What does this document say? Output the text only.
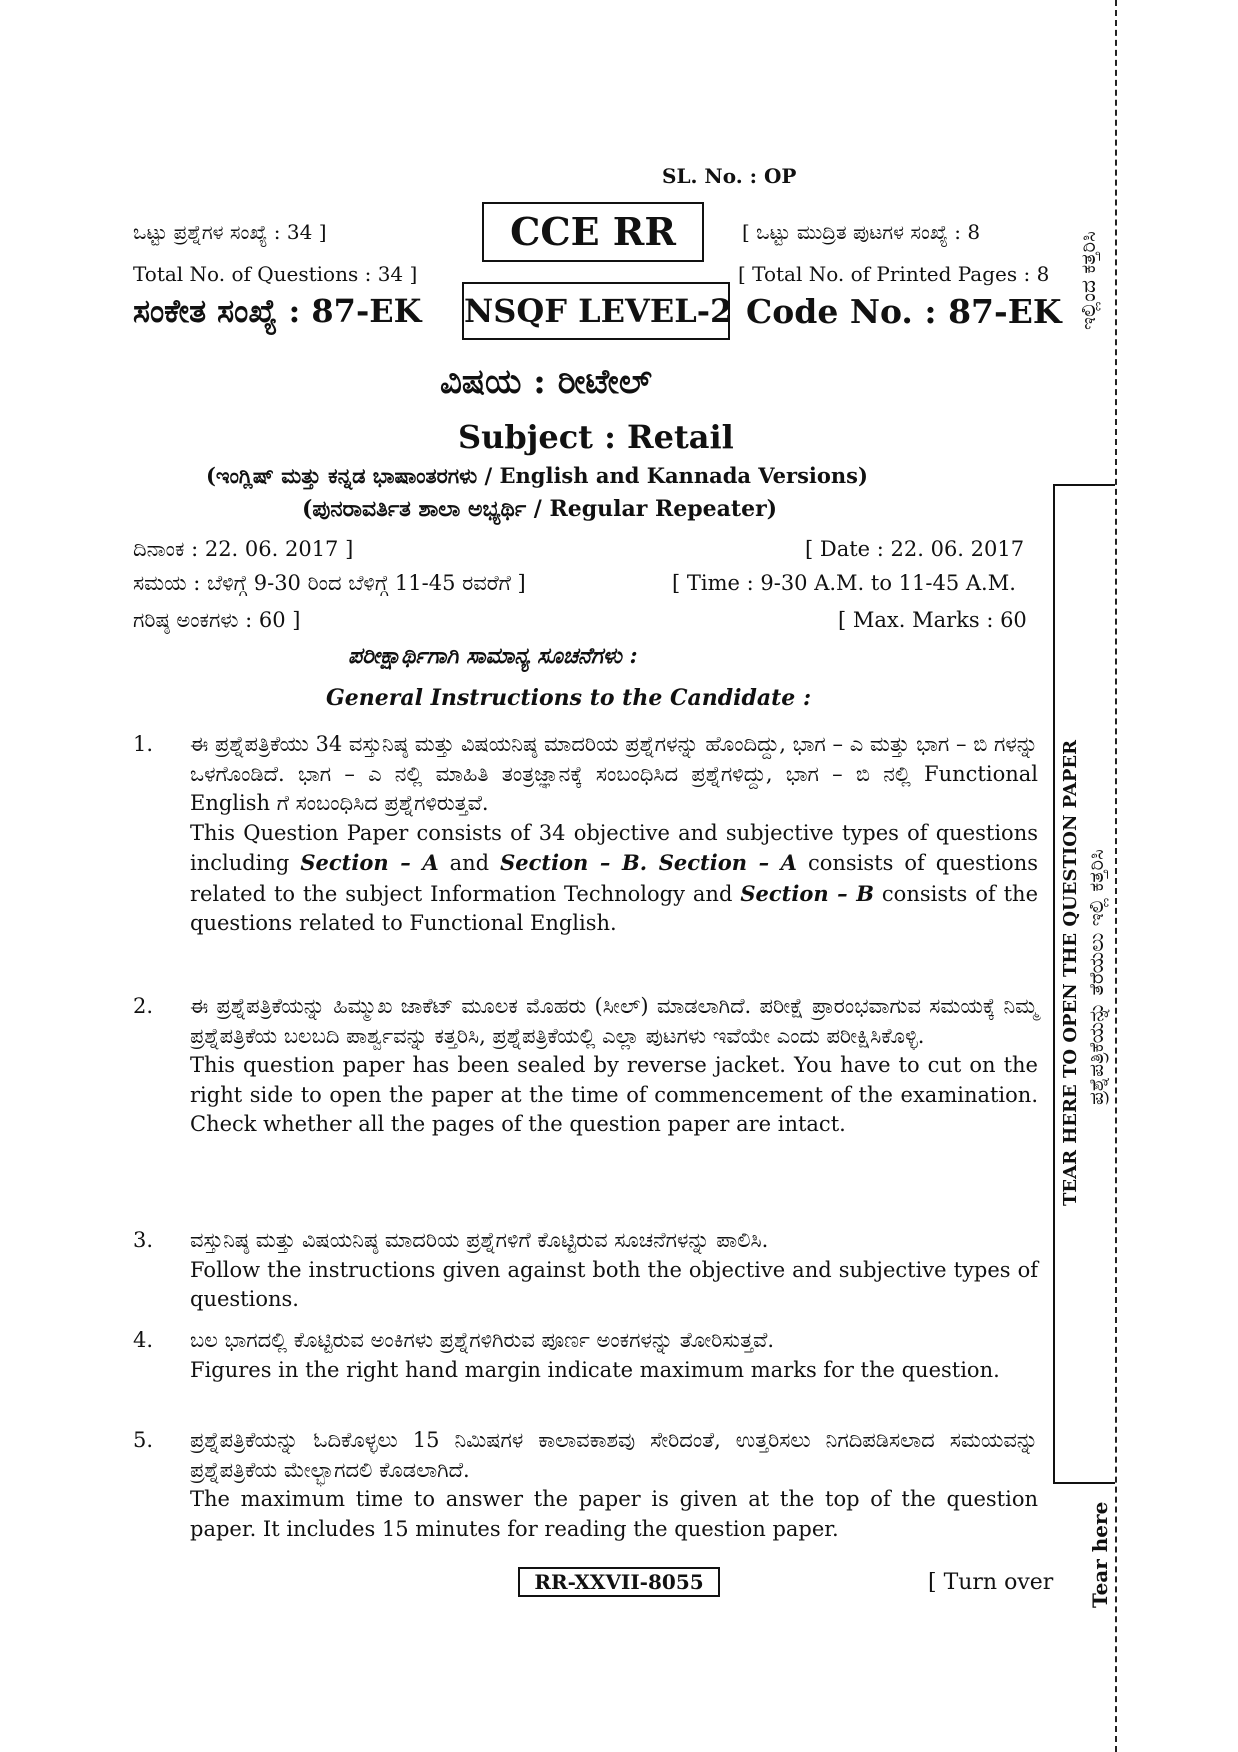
SL. No. : OP
ಒಟ್ಟು ಪ್ರಶ್ನೆಗಳ ಸಂಖ್ಯೆ : 34 ]
Total No. of Questions : 34 ]
ಸಂಕೇತ ಸಂಖ್ಯೆ : 87-EK
CCE RR
NSQF LEVEL-2
[ ಒಟ್ಟು ಮುದ್ರಿತ ಪುಟಗಳ ಸಂಖ್ಯೆ : 8
[ Total No. of Printed Pages : 8
Code No. : 87-EK
ವಿಷಯ : ರೀಟೇಲ್
Subject : Retail
(ಇಂಗ್ಲಿಷ್ ಮತ್ತು ಕನ್ನಡ ಭಾಷಾಂತರಗಳು / English and Kannada Versions)
(ಪುನರಾವರ್ತಿತ ಶಾಲಾ ಅಭ್ಯರ್ಥಿ / Regular Repeater)
ದಿನಾಂಕ : 22. 06. 2017 ]	[ Date : 22. 06. 2017
ಸಮಯ : ಬೆಳಿಗ್ಗೆ 9-30 ರಿಂದ ಬೆಳಿಗ್ಗೆ 11-45 ರವರೆಗೆ ]	[ Time : 9-30 A.M. to 11-45 A.M.
ಗರಿಷ್ಠ ಅಂಕಗಳು : 60 ]	[ Max. Marks : 60
ಪರೀಕ್ಷಾರ್ಥಿಗಾಗಿ ಸಾಮಾನ್ಯ ಸೂಚನೆಗಳು :
General Instructions to the Candidate :
1. ಈ ಪ್ರಶ್ನೆಪತ್ರಿಕೆಯು 34 ವಸ್ತುನಿಷ್ಠ ಮತ್ತು ವಿಷಯನಿಷ್ಠ ಮಾದರಿಯ ಪ್ರಶ್ನೆಗಳನ್ನು ಹೊಂದಿದ್ದು, ಭಾಗ – ಎ ಮತ್ತು ಭಾಗ – ಬಿ ಗಳನ್ನು ಒಳಗೊಂಡಿದೆ. ಭಾಗ – ಎ ನಲ್ಲಿ ಮಾಹಿತಿ ತಂತ್ರಜ್ಞಾನಕ್ಕೆ ಸಂಬಂಧಿಸಿದ ಪ್ರಶ್ನೆಗಳಿದ್ದು, ಭಾಗ – ಬಿ ನಲ್ಲಿ Functional English ಗೆ ಸಂಬಂಧಿಸಿದ ಪ್ರಶ್ನೆಗಳಿರುತ್ತವೆ.

This Question Paper consists of 34 objective and subjective types of questions including Section – A and Section – B. Section – A consists of questions related to the subject Information Technology and Section – B consists of the questions related to Functional English.

2. ಈ ಪ್ರಶ್ನೆಪತ್ರಿಕೆಯನ್ನು ಹಿಮ್ಮುಖ ಜಾಕೆಟ್ ಮೂಲಕ ಮೊಹರು (ಸೀಲ್) ಮಾಡಲಾಗಿದೆ. ಪರೀಕ್ಷೆ ಪ್ರಾರಂಭವಾಗುವ ಸಮಯಕ್ಕೆ ನಿಮ್ಮ ಪ್ರಶ್ನೆಪತ್ರಿಕೆಯ ಬಲಬದಿ ಪಾರ್ಶ್ವವನ್ನು ಕತ್ತರಿಸಿ, ಪ್ರಶ್ನೆಪತ್ರಿಕೆಯಲ್ಲಿ ಎಲ್ಲಾ ಪುಟಗಳು ಇವೆಯೇ ಎಂದು ಪರೀಕ್ಷಿಸಿಕೊಳ್ಳಿ.

This question paper has been sealed by reverse jacket. You have to cut on the right side to open the paper at the time of commencement of the examination. Check whether all the pages of the question paper are intact.

3. ವಸ್ತುನಿಷ್ಠ ಮತ್ತು ವಿಷಯನಿಷ್ಠ ಮಾದರಿಯ ಪ್ರಶ್ನೆಗಳಿಗೆ ಕೊಟ್ಟಿರುವ ಸೂಚನೆಗಳನ್ನು ಪಾಲಿಸಿ.

Follow the instructions given against both the objective and subjective types of questions.

4. ಬಲ ಭಾಗದಲ್ಲಿ ಕೊಟ್ಟಿರುವ ಅಂಕಿಗಳು ಪ್ರಶ್ನೆಗಳಿಗಿರುವ ಪೂರ್ಣ ಅಂಕಗಳನ್ನು ತೋರಿಸುತ್ತವೆ.

Figures in the right hand margin indicate maximum marks for the question.

5. ಪ್ರಶ್ನೆಪತ್ರಿಕೆಯನ್ನು ಓದಿಕೊಳ್ಳಲು 15 ನಿಮಿಷಗಳ ಕಾಲಾವಕಾಶವು ಸೇರಿದಂತೆ, ಉತ್ತರಿಸಲು ನಿಗದಿಪಡಿಸಲಾದ ಸಮಯವನ್ನು ಪ್ರಶ್ನೆಪತ್ರಿಕೆಯ ಮೇಲ್ಭಾಗದಲಿ ಕೊಡಲಾಗಿದೆ.

The maximum time to answer the paper is given at the top of the question paper. It includes 15 minutes for reading the question paper.

RR-XXVII-8055	[ Turn over
ಇಲ್ಲಿಂದ ಕತ್ತರಿಸಿ
TEAR HERE TO OPEN THE QUESTION PAPER ಪ್ರಶ್ನೆಪತ್ರಿಕೆಯನ್ನು ತೆರೆಯಲು ಇಲ್ಲಿ ಕತ್ತರಿಸಿ
Tear here
